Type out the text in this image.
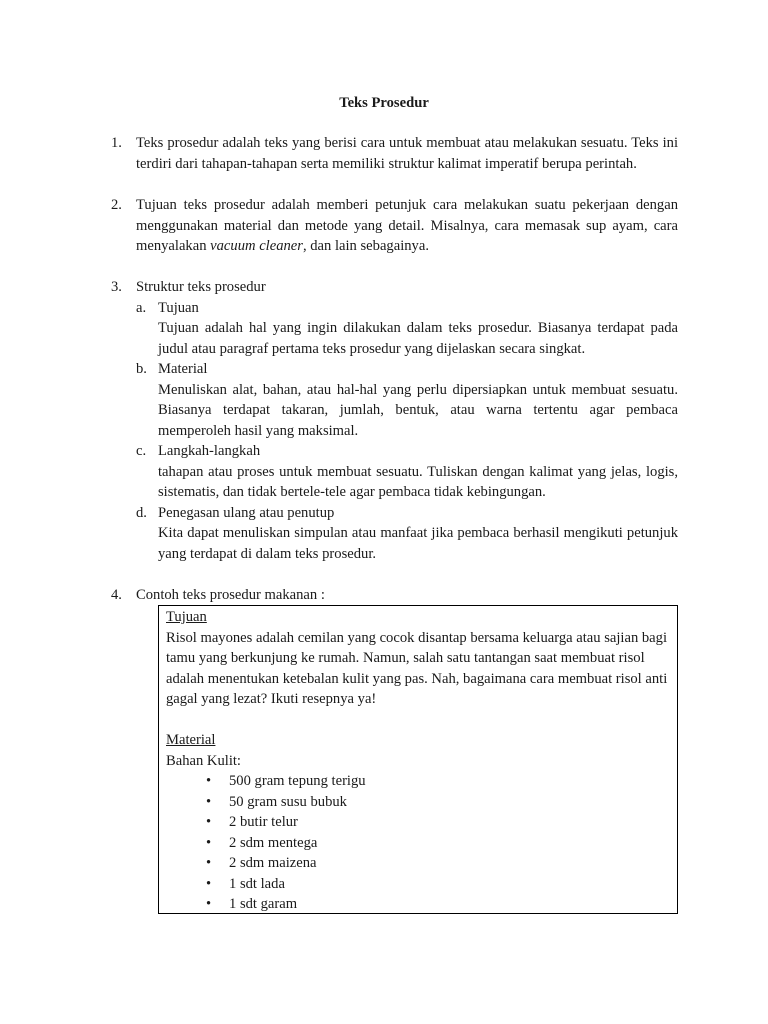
Teks Prosedur
1. Teks prosedur adalah teks yang berisi cara untuk membuat atau melakukan sesuatu. Teks ini terdiri dari tahapan-tahapan serta memiliki struktur kalimat imperatif berupa perintah.

2. Tujuan teks prosedur adalah memberi petunjuk cara melakukan suatu pekerjaan dengan menggunakan material dan metode yang detail. Misalnya, cara memasak sup ayam, cara menyalakan vacuum cleaner, dan lain sebagainya.

3. Struktur teks prosedur

a. Tujuan
Tujuan adalah hal yang ingin dilakukan dalam teks prosedur. Biasanya terdapat pada judul atau paragraf pertama teks prosedur yang dijelaskan secara singkat.
b. Material
Menuliskan alat, bahan, atau hal-hal yang perlu dipersiapkan untuk membuat sesuatu. Biasanya terdapat takaran, jumlah, bentuk, atau warna tertentu agar pembaca memperoleh hasil yang maksimal.
c. Langkah-langkah
tahapan atau proses untuk membuat sesuatu. Tuliskan dengan kalimat yang jelas, logis, sistematis, dan tidak bertele-tele agar pembaca tidak kebingungan.
d. Penegasan ulang atau penutup
Kita dapat menuliskan simpulan atau manfaat jika pembaca berhasil mengikuti petunjuk yang terdapat di dalam teks prosedur.
4. Contoh teks prosedur makanan :

Tujuan
Risol mayones adalah cemilan yang cocok disantap bersama keluarga atau sajian bagi tamu yang berkunjung ke rumah. Namun, salah satu tantangan saat membuat risol adalah menentukan ketebalan kulit yang pas. Nah, bagaimana cara membuat risol anti gagal yang lezat? Ikuti resepnya ya!
Material
Bahan Kulit:
• 500 gram tepung terigu
• 50 gram susu bubuk
• 2 butir telur
• 2 sdm mentega
• 2 sdm maizena
• 1 sdt lada
• 1 sdt garam
